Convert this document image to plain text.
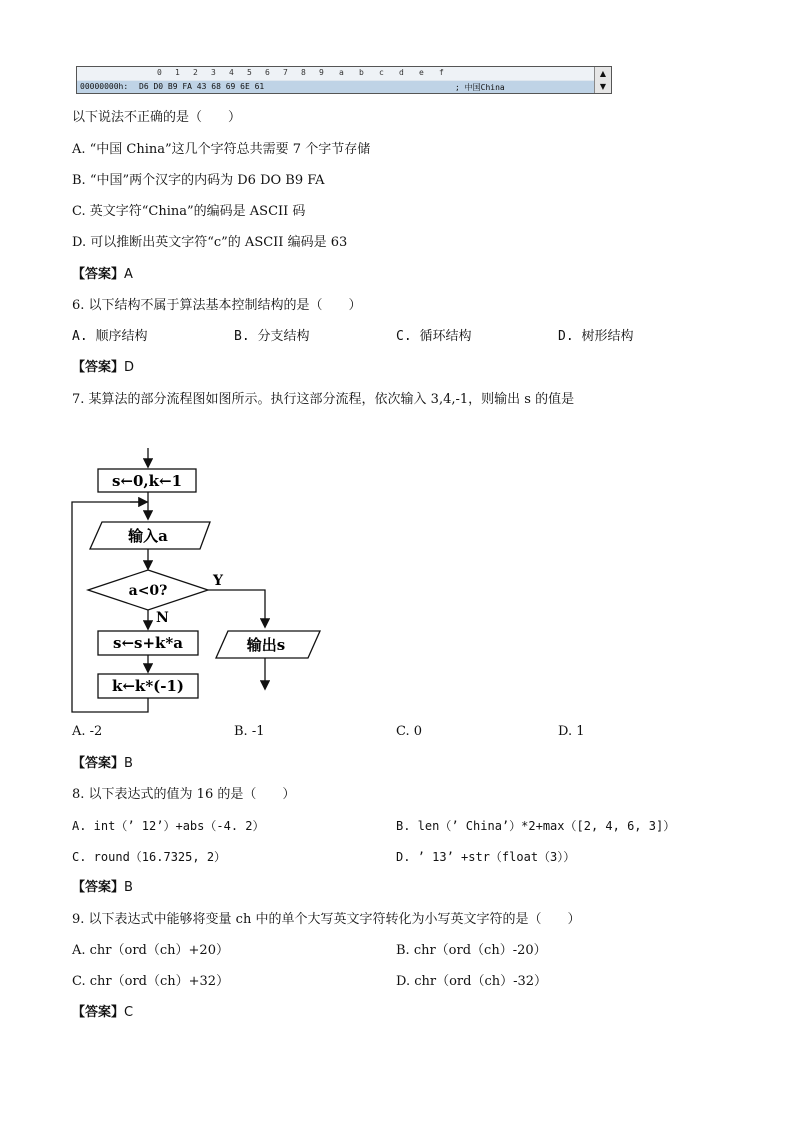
0 1 2 3 4 5 6 7 8 9 a b c d e f
00000000h: D6 D0 B9 FA 43 68 69 6E 61	; 中国China
▲
▼
以下说法不正确的是（　　）
A. “中国 China”这几个字符总共需要 7 个字节存储
B. “中国”两个汉字的内码为 D6 DO B9 FA
C. 英文字符“China”的编码是 ASCII 码
D. 可以推断出英文字符“c”的 ASCII 编码是 63
【答案】A
6. 以下结构不属于算法基本控制结构的是（　　）
A. 顺序结构	B. 分支结构	C. 循环结构	D. 树形结构
【答案】D
7. 某算法的部分流程图如图所示。执行这部分流程，依次输入 3,4,-1，则输出 s 的值是
s←0,k←1
输入a
a<0?
Y
N
s←s+k*a
k←k*(-1)
输出s
A. -2	B. -1	C. 0	D. 1
【答案】B
8. 以下表达式的值为 16 的是（　　）
A. int（’ 12’）+abs（-4. 2）	B. len（’ China’）*2+max（[2, 4, 6, 3]）
C. round（16.7325, 2）	D. ’ 13’ +str（float（3））
【答案】B
9. 以下表达式中能够将变量 ch 中的单个大写英文字符转化为小写英文字符的是（　　）
A. chr（ord（ch）+20）	B. chr（ord（ch）-20）
C. chr（ord（ch）+32）	D. chr（ord（ch）-32）
【答案】C
